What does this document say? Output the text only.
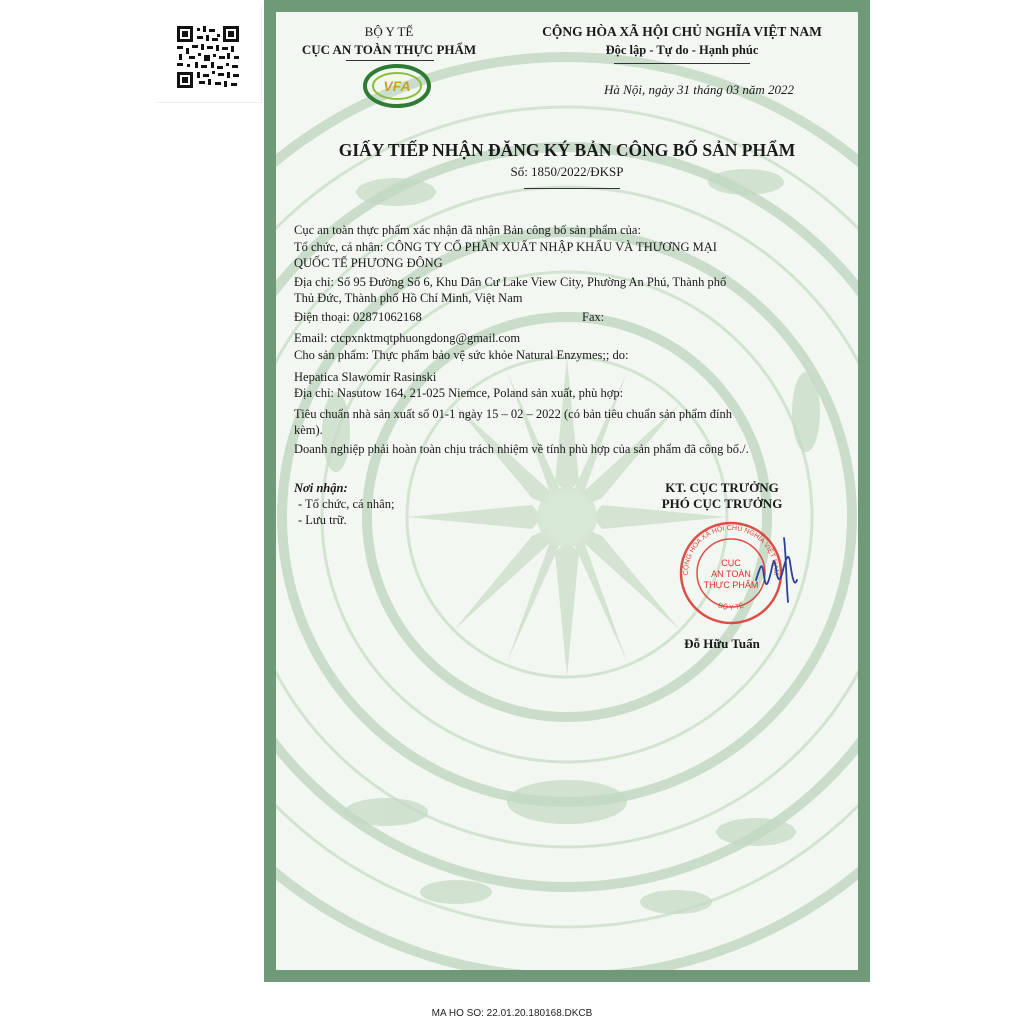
BỘ Y TẾ
CỤC AN TOÀN THỰC PHẨM
VFA
CỘNG HÒA XÃ HỘI CHỦ NGHĨA VIỆT NAM
Độc lập - Tự do - Hạnh phúc
Hà Nội, ngày 31 tháng 03 năm 2022
GIẤY TIẾP NHẬN ĐĂNG KÝ BẢN CÔNG BỐ SẢN PHẨM
Số: 1850/2022/ĐKSP
Cục an toàn thực phẩm xác nhận đã nhận Bản công bố sản phẩm của:
Tổ chức, cá nhân: CÔNG TY CỔ PHẦN XUẤT NHẬP KHẨU VÀ THƯƠNG MẠI
QUỐC TẾ PHƯƠNG ĐÔNG
Địa chỉ: Số 95 Đường Số 6, Khu Dân Cư Lake View City, Phường An Phú, Thành phố
Thủ Đức, Thành phố Hồ Chí Minh, Việt Nam
Điện thoại: 02871062168	Fax:
Email: ctcpxnktmqtphuongdong@gmail.com
Cho sản phẩm: Thực phẩm bảo vệ sức khỏe Natural Enzymes;; do:
Hepatica Slawomir Rasinski
Địa chỉ: Nasutow 164, 21-025 Niemce, Poland sản xuất, phù hợp:
Tiêu chuẩn nhà sản xuất số 01-1 ngày 15 – 02 – 2022 (có bản tiêu chuẩn sản phẩm đính
kèm).
Doanh nghiệp phải hoàn toàn chịu trách nhiệm về tính phù hợp của sản phẩm đã công bố./.
Nơi nhận:
- Tổ chức, cá nhân;
- Lưu trữ.
KT. CỤC TRƯỞNG
PHÓ CỤC TRƯỞNG
CỘNG HÒA XÃ HỘI CHỦ NGHĨA VIỆT NAM
BỘ Y TẾ
CỤC
AN TOÀN
THỰC PHẨM
Đỗ Hữu Tuấn
MA HO SO: 22.01.20.180168.DKCB
